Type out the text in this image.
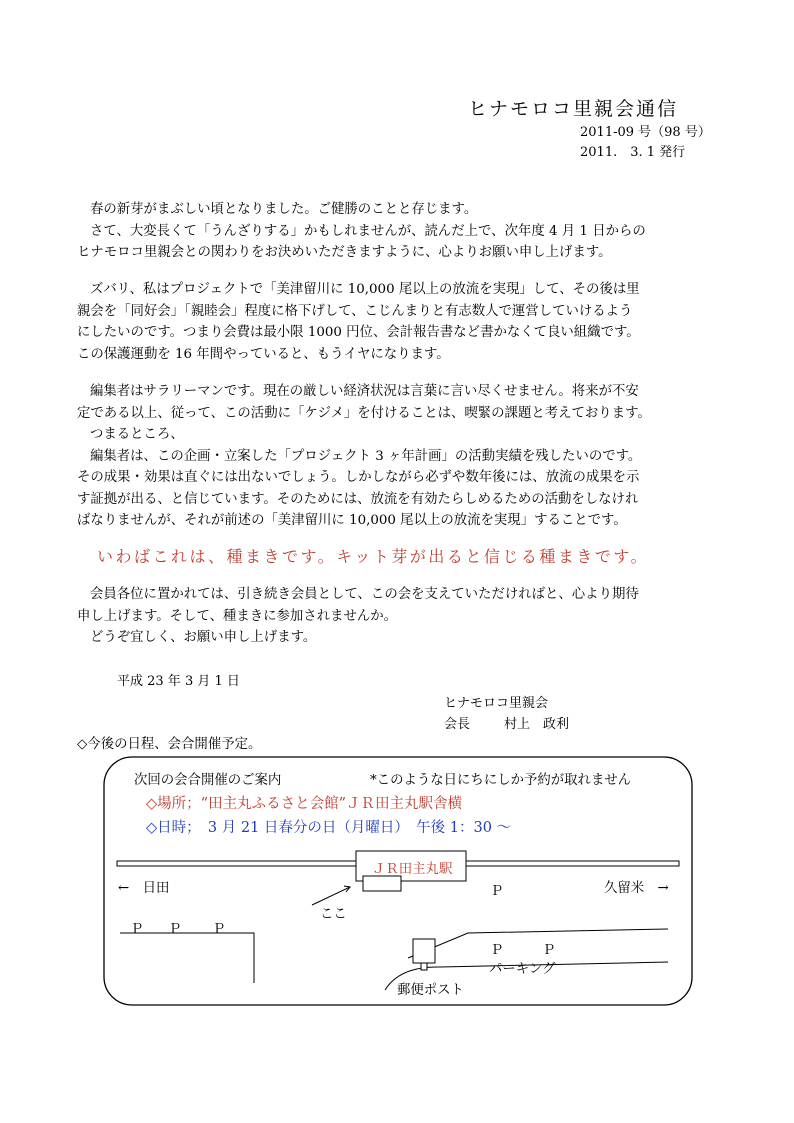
ヒナモロコ里親会通信
2011-09 号（98 号）
2011.　3. 1 発行
春の新芽がまぶしい頃となりました。ご健勝のことと存じます。
さて、大変長くて「うんざりする」かもしれませんが、読んだ上で、次年度 4 月 1 日からの
ヒナモロコ里親会との関わりをお決めいただきますように、心よりお願い申し上げます。
ズバリ、私はプロジェクトで「美津留川に 10,000 尾以上の放流を実現」して、その後は里
親会を「同好会」「親睦会」程度に格下げして、こじんまりと有志数人で運営していけるよう
にしたいのです。つまり会費は最小限 1000 円位、会計報告書など書かなくて良い組織です。
この保護運動を 16 年間やっていると、もうイヤになります。
編集者はサラリーマンです。現在の厳しい経済状況は言葉に言い尽くせません。将来が不安
定である以上、従って、この活動に「ケジメ」を付けることは、喫緊の課題と考えております。
つまるところ、
編集者は、この企画・立案した「プロジェクト 3 ヶ年計画」の活動実績を残したいのです。
その成果・効果は直ぐには出ないでしょう。しかしながら必ずや数年後には、放流の成果を示
す証拠が出る、と信じています。そのためには、放流を有効たらしめるための活動をしなけれ
ばなりませんが、それが前述の「美津留川に 10,000 尾以上の放流を実現」することです。
いわばこれは、種まきです。キット芽が出ると信じる種まきです。
会員各位に置かれては、引き続き会員として、この会を支えていただければと、心より期待
申し上げます。そして、種まきに参加されませんか。
どうぞ宜しく、お願い申し上げます。
平成 23 年 3 月 1 日
ヒナモロコ里親会
会長	村上　政利
◇今後の日程、会合開催予定。
次回の会合開催のご案内	*このような日にちにしか予約が取れません
◇場所；“田主丸ふるさと会館”ＪＲ田主丸駅舎横
◇日時；　3 月 21 日春分の日（月曜日）　午後 1：30 ～
ＪＲ田主丸駅
←　日田	久留米　→
ここ
Ｐ
Ｐ Ｐ Ｐ
Ｐ	Ｐ
パーキング
郵便ポスト
